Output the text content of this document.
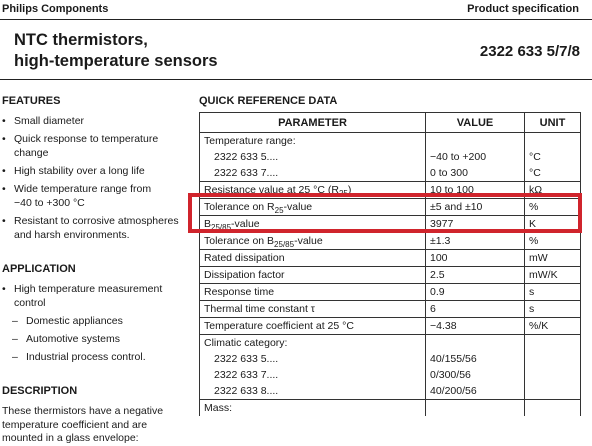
Philips Components	Product specification
NTC thermistors,
high-temperature sensors
2322 633 5/7/8
FEATURES
• Small diameter
• Quick response to temperature
change
• High stability over a long life
• Wide temperature range from
−40 to +300 °C
• Resistant to corrosive atmospheres
and harsh environments.
APPLICATION
• High temperature measurement
control
– Domestic appliances
– Automotive systems
– Industrial process control.
DESCRIPTION
These thermistors have a negative
temperature coefficient and are
mounted in a glass envelope:
QUICK REFERENCE DATA
PARAMETER	VALUE	UNIT
Temperature range:		
2322 633 5....	−40 to +200	°C
2322 633 7....	0 to 300	°C
Resistance value at 25 °C $(R_{25})$	10 to 100	kΩ
Tolerance on $R_{25}$-value	±5 and ±10	%
$B_{25/85}$-value	3977	K
Tolerance on $B_{25/85}$-value	±1.3	%
Rated dissipation	100	mW
Dissipation factor	2.5	mW/K
Response time	0.9	s
Thermal time constant τ	6	s
Temperature coefficient at 25 °C	−4.38	%/K
Climatic category:		
2322 633 5....	40/155/56	
2322 633 7....	0/300/56	
2322 633 8....	40/200/56	
Mass:		
